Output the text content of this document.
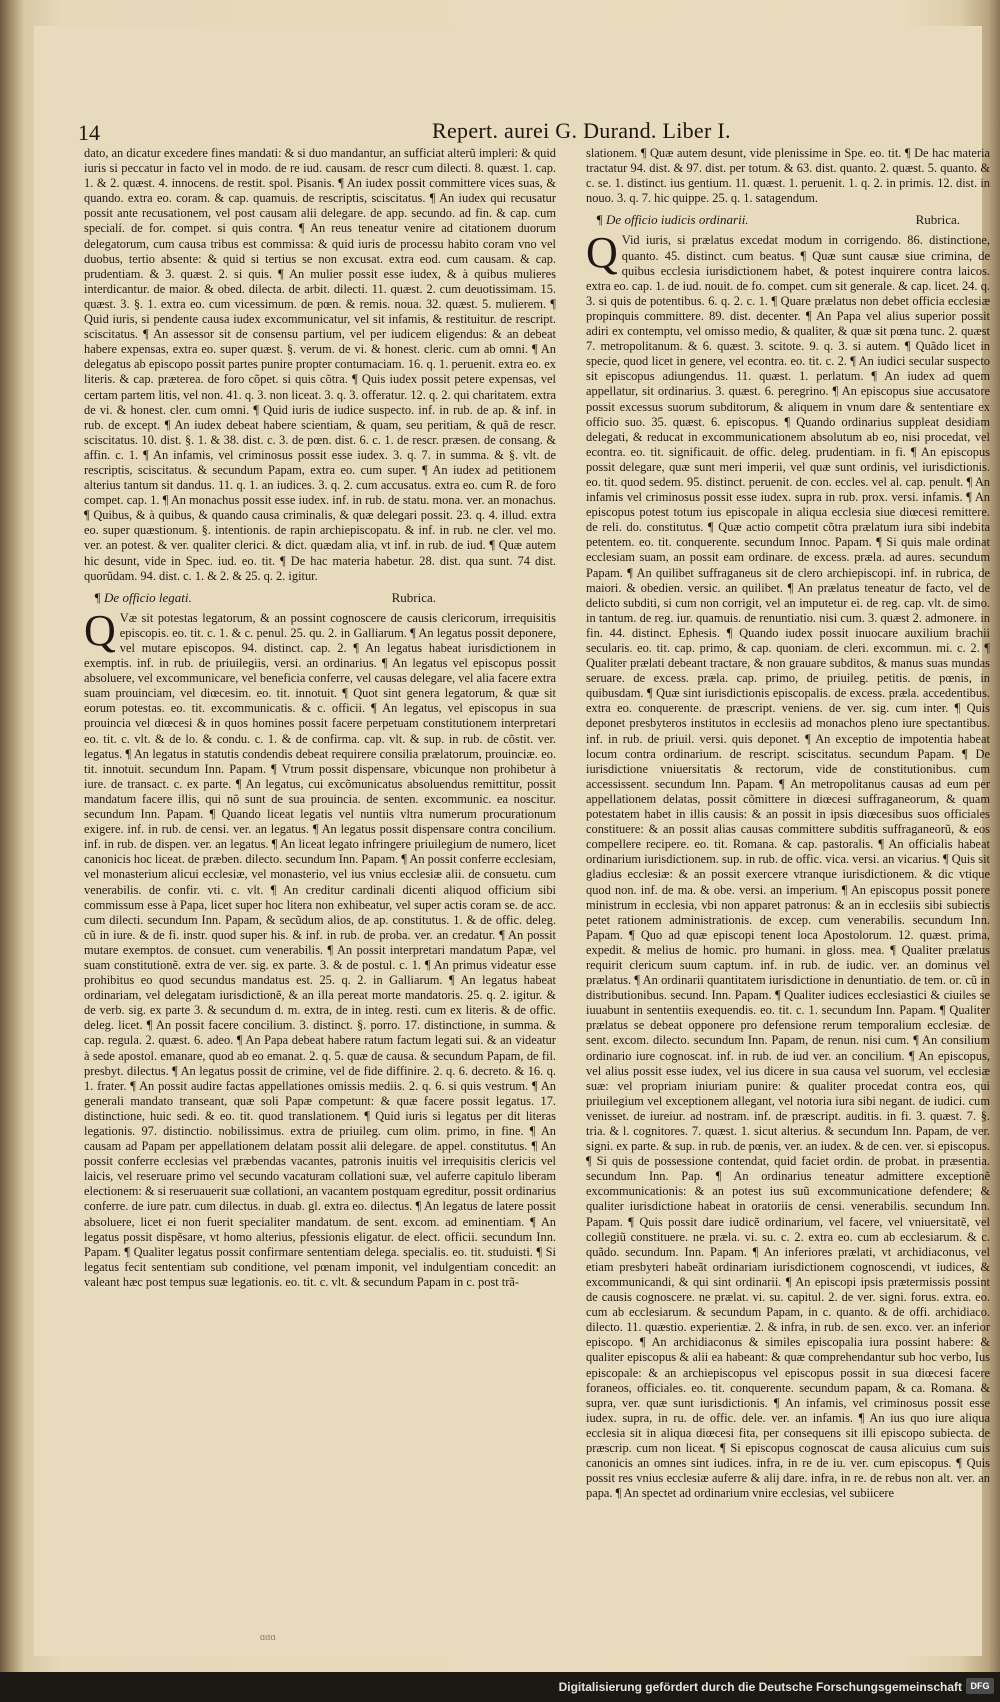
14	Repert. aurei G. Durand. Liber I.

dato, an dicatur excedere fines mandati: & si duo mandantur, an sufficiat alterũ impleri: & quid iuris si peccatur in facto vel in modo. de re iud. causam. de rescr cum dilecti. 8. quæst. 1. cap. 1. & 2. quæst. 4. innocens. de restit. spol. Pisanis. ¶ An iudex possit committere vices suas, & quando. extra eo. coram. & cap. quamuis. de rescriptis, sciscitatus. ¶ An iudex qui recusatur possit ante recusationem, vel post causam alii delegare. de app. secundo. ad fin. & cap. cum specialí. de for. compet. si quis contra. ¶ An reus teneatur venire ad citationem duorum delegatorum, cum causa tribus est commissa: & quid iuris de processu habito coram vno vel duobus, tertio absente: & quid si tertius se non excusat. extra eod. cum causam. & cap. prudentiam. & 3. quæst. 2. si quis. ¶ An mulier possit esse iudex, & à quibus mulieres interdicantur. de maior. & obed. dilecta. de arbit. dilecti. 11. quæst. 2. cum deuotissimam. 15. quæst. 3. §. 1. extra eo. cum vicessimum. de pœn. & remis. noua. 32. quæst. 5. mulierem. ¶ Quid iuris, si pendente causa iudex excommunicatur, vel sit infamis, & restituitur. de rescript. sciscitatus. ¶ An assessor sit de consensu partium, vel per iudicem eligendus: & an debeat habere expensas, extra eo. super quæst. §. verum. de vi. & honest. cleric. cum ab omni. ¶ An delegatus ab episcopo possit partes punire propter contumaciam. 16. q. 1. peruenit. extra eo. ex literis. & cap. præterea. de foro cõpet. si quis cõtra. ¶ Quis iudex possit petere expensas, vel certam partem litis, vel non. 41. q. 3. non liceat. 3. q. 3. offeratur. 12. q. 2. qui charitatem. extra de vi. & honest. cler. cum omni. ¶ Quid iuris de iudice suspecto. inf. in rub. de ap. & inf. in rub. de except. ¶ An iudex debeat habere scientiam, & quam, seu peritiam, & quã de rescr. sciscitatus. 10. dist. §. 1. & 38. dist. c. 3. de pœn. dist. 6. c. 1. de rescr. præsen. de consang. & affin. c. 1. ¶ An infamis, vel criminosus possit esse iudex. 3. q. 7. in summa. & §. vlt. de rescriptis, sciscitatus. & secundum Papam, extra eo. cum super. ¶ An iudex ad petitionem alterius tantum sit dandus. 11. q. 1. an iudices. 3. q. 2. cum accusatus. extra eo. cum R. de foro compet. cap. 1. ¶ An monachus possit esse iudex. inf. in rub. de statu. mona. ver. an monachus. ¶ Quibus, & à quibus, & quando causa criminalis, & quæ delegari possit. 23. q. 4. illud. extra eo. super quæstionum. §. intentionis. de rapin archiepiscopatu. & inf. in rub. ne cler. vel mo. ver. an potest. & ver. qualiter clerici. & dict. quædam alia, vt inf. in rub. de iud. ¶ Quæ autem hic desunt, vide in Spec. iud. eo. tit. ¶ De hac materia habetur. 28. dist. qua sunt. 74 dist. quorũdam. 94. dist. c. 1. & 2. & 25. q. 2. igitur.

¶ De officio legati.	Rubrica.

Q Væ sit potestas legatorum, & an possint cognoscere de causis clericorum, irrequisitis episcopis. eo. tit. c. 1. & c. penul. 25. qu. 2. in Galliarum. ¶ An legatus possit deponere, vel mutare episcopos. 94. distinct. cap. 2. ¶ An legatus habeat iurisdictionem in exemptis. inf. in rub. de priuilegiis, versi. an ordinarius. ¶ An legatus vel episcopus possit absoluere, vel excommunicare, vel beneficia conferre, vel causas delegare, vel alia facere extra suam prouinciam, vel diœcesim. eo. tit. innotuit. ¶ Quot sint genera legatorum, & quæ sit eorum potestas. eo. tit. excommunicatis. & c. officii. ¶ An legatus, vel episcopus in sua prouincia vel diœcesi & in quos homines possit facere perpetuam constitutionem interpretari eo. tit. c. vlt. & de lo. & condu. c. 1. & de confirma. cap. vlt. & sup. in rub. de cõstit. ver. legatus. ¶ An legatus in statutis condendis debeat requirere consilia prælatorum, prouinciæ. eo. tit. innotuit. secundum Inn. Papam. ¶ Vtrum possit dispensare, vbicunque non prohibetur à iure. de transact. c. ex parte. ¶ An legatus, cui excõmunicatus absoluendus remittitur, possit mandatum facere illis, qui nõ sunt de sua prouincia. de senten. excommunic. ea noscitur. secundum Inn. Papam. ¶ Quando liceat legatis vel nuntiis vltra numerum procurationum exigere. inf. in rub. de censi. ver. an legatus. ¶ An legatus possit dispensare contra concilium. inf. in rub. de dispen. ver. an legatus. ¶ An liceat legato infringere priuilegium de numero, licet canonicis hoc liceat. de præben. dilecto. secundum Inn. Papam. ¶ An possit conferre ecclesiam, vel monasterium alicui ecclesiæ, vel monasterio, vel ius vnius ecclesiæ alii. de consuetu. cum venerabilis. de confir. vti. c. vlt. ¶ An creditur cardinali dicenti aliquod officium sibi commissum esse à Papa, licet super hoc litera non exhibeatur, vel super actis coram se. de acc. cum dilecti. secundum Inn. Papam, & secũdum alios, de ap. constitutus. 1. & de offic. deleg. cũ in iure. & de fi. instr. quod super his. & inf. in rub. de proba. ver. an credatur. ¶ An possit mutare exemptos. de consuet. cum venerabilis. ¶ An possit interpretari mandatum Papæ, vel suam constitutionẽ. extra de ver. sig. ex parte. 3. & de postul. c. 1. ¶ An primus videatur esse prohibitus eo quod secundus mandatus est. 25. q. 2. in Galliarum. ¶ An legatus habeat ordinariam, vel delegatam iurisdictionẽ, & an illa pereat morte mandatoris. 25. q. 2. igitur. & de verb. sig. ex parte 3. & secundum d. m. extra, de in integ. resti. cum ex literis. & de offic. deleg. licet. ¶ An possit facere concilium. 3. distinct. §. porro. 17. distinctione, in summa. & cap. regula. 2. quæst. 6. adeo. ¶ An Papa debeat habere ratum factum legati sui. & an videatur à sede apostol. emanare, quod ab eo emanat. 2. q. 5. quæ de causa. & secundum Papam, de fil. presbyt. dilectus. ¶ An legatus possit de crimine, vel de fide diffinire. 2. q. 6. decreto. & 16. q. 1. frater. ¶ An possit audire factas appellationes omissis mediis. 2. q. 6. si quis vestrum. ¶ An generali mandato transeant, quæ soli Papæ competunt: & quæ facere possit legatus. 17. distinctione, huic sedi. & eo. tit. quod translationem. ¶ Quid iuris si legatus per dit literas legationis. 97. distinctio. nobilissimus. extra de priuileg. cum olim. primo, in fine. ¶ An causam ad Papam per appellationem delatam possit alii delegare. de appel. constitutus. ¶ An possit conferre ecclesias vel præbendas vacantes, patronis inuitis vel irrequisitis clericis vel laicis, vel reseruare primo vel secundo vacaturam collationi suæ, vel auferre capitulo liberam electionem: & si reseruauerit suæ collationi, an vacantem postquam egreditur, possit ordinarius conferre. de iure patr. cum dilectus. in duab. gl. extra eo. dilectus. ¶ An legatus de latere possit absoluere, licet ei non fuerit specialiter mandatum. de sent. excom. ad eminentiam. ¶ An legatus possit dispẽsare, vt homo alterius, pfessionis eligatur. de elect. officii. secundum Inn. Papam. ¶ Qualiter legatus possit confirmare sententiam delega. specialis. eo. tit. studuisti. ¶ Si legatus fecit sententiam sub conditione, vel pœnam imponit, vel indulgentiam concedit: an valeant hæc post tempus suæ legationis. eo. tit. c. vlt. & secundum Papam in c. post trã-

slationem. ¶ Quæ autem desunt, vide plenissime in Spe. eo. tit. ¶ De hac materia tractatur 94. dist. & 97. dist. per totum. & 63. dist. quanto. 2. quæst. 5. quanto. & c. se. 1. distinct. ius gentium. 11. quæst. 1. peruenit. 1. q. 2. in primis. 12. dist. in nouo. 3. q. 7. hic quippe. 25. q. 1. satagendum.

¶ De officio iudicis ordinarii.	Rubrica.

Q Vid iuris, si prælatus excedat modum in corrigendo. 86. distinctione, quanto. 45. distinct. cum beatus. ¶ Quæ sunt causæ siue crimina, de quibus ecclesia iurisdictionem habet, & potest inquirere contra laicos. extra eo. cap. 1. de iud. nouit. de fo. compet. cum sit generale. & cap. licet. 24. q. 3. si quis de potentibus. 6. q. 2. c. 1. ¶ Quare prælatus non debet officia ecclesiæ propinquis committere. 89. dist. decenter. ¶ An Papa vel alius superior possit adiri ex contemptu, vel omisso medio, & qualiter, & quæ sit pœna tunc. 2. quæst 7. metropolitanum. & 6. quæst. 3. scitote. 9. q. 3. si autem. ¶ Quãdo licet in specie, quod licet in genere, vel econtra. eo. tit. c. 2. ¶ An iudici secular suspecto sit episcopus adiungendus. 11. quæst. 1. perlatum. ¶ An iudex ad quem appellatur, sit ordinarius. 3. quæst. 6. peregrino. ¶ An episcopus siue accusatore possit excessus suorum subditorum, & aliquem in vnum dare & sententiare ex officio suo. 35. quæst. 6. episcopus. ¶ Quando ordinarius suppleat desidiam delegati, & reducat in excommunicationem absolutum ab eo, nisi procedat, vel econtra. eo. tit. significauit. de offic. deleg. prudentiam. in fi. ¶ An episcopus possit delegare, quæ sunt meri imperii, vel quæ sunt ordinis, vel iurisdictionis. eo. tit. quod sedem. 95. distinct. peruenit. de con. eccles. vel al. cap. penult. ¶ An infamis vel criminosus possit esse iudex. supra in rub. prox. versi. infamis. ¶ An episcopus potest totum ius episcopale in aliqua ecclesia siue diœcesi remittere. de reli. do. constitutus. ¶ Quæ actio competit cõtra prælatum iura sibi indebita petentem. eo. tit. conquerente. secundum Innoc. Papam. ¶ Si quis male ordinat ecclesiam suam, an possit eam ordinare. de excess. præla. ad aures. secundum Papam. ¶ An quilibet suffraganeus sit de clero archiepiscopi. inf. in rubrica, de maiori. & obedien. versic. an quilibet. ¶ An prælatus teneatur de facto, vel de delicto subditi, si cum non corrigit, vel an imputetur ei. de reg. cap. vlt. de simo. in tantum. de reg. iur. quamuis. de renuntiatio. nisi cum. 3. quæst 2. admonere. in fin. 44. distinct. Ephesis. ¶ Quando iudex possit inuocare auxilium brachii secularis. eo. tit. cap. primo, & cap. quoniam. de cleri. excommun. mi. c. 2. ¶ Qualiter prælati debeant tractare, & non grauare subditos, & manus suas mundas seruare. de excess. præla. cap. primo, de priuileg. petitis. de pœnis, in quibusdam. ¶ Quæ sint iurisdictionis episcopalis. de excess. præla. accedentibus. extra eo. conquerente. de præscript. veniens. de ver. sig. cum inter. ¶ Quis deponet presbyteros institutos in ecclesiis ad monachos pleno iure spectantibus. inf. in rub. de priuil. versi. quis deponet. ¶ An exceptio de impotentia habeat locum contra ordinarium. de rescript. sciscitatus. secundum Papam. ¶ De iurisdictione vniuersitatis & rectorum, vide de constitutionibus. cum accessissent. secundum Inn. Papam. ¶ An metropolitanus causas ad eum per appellationem delatas, possit cõmittere in diœcesi suffraganeorum, & quam potestatem habet in illis causis: & an possit in ipsis diœcesibus suos officiales constituere: & an possit alias causas committere subditis suffraganeorũ, & eos compellere recipere. eo. tit. Romana. & cap. pastoralis. ¶ An officialis habeat ordinarium iurisdictionem. sup. in rub. de offic. vica. versi. an vicarius. ¶ Quis sit gladius ecclesiæ: & an possit exercere vtranque iurisdictionem. & dic vtique quod non. inf. de ma. & obe. versi. an imperium. ¶ An episcopus possit ponere ministrum in ecclesia, vbi non apparet patronus: & an in ecclesiis sibi subiectis petet rationem administrationis. de excep. cum venerabilis. secundum Inn. Papam. ¶ Quo ad quæ episcopi tenent loca Apostolorum. 12. quæst. prima, expedit. & melius de homic. pro humani. in gloss. mea. ¶ Qualiter prælatus requirit clericum suum captum. inf. in rub. de iudic. ver. an dominus vel prælatus. ¶ An ordinarii quantitatem iurisdictione in denuntiatio. de tem. or. cũ in distributionibus. secund. Inn. Papam. ¶ Qualiter iudices ecclesiastici & ciuiles se iuuabunt in sententiis exequendis. eo. tit. c. 1. secundum Inn. Papam. ¶ Qualiter prælatus se debeat opponere pro defensione rerum temporalium ecclesiæ. de sent. excom. dilecto. secundum Inn. Papam, de renun. nisi cum. ¶ An consilium ordinario iure cognoscat. inf. in rub. de iud ver. an concilium. ¶ An episcopus, vel alius possit esse iudex, vel ius dicere in sua causa vel suorum, vel ecclesiæ suæ: vel propriam iniuriam punire: & qualiter procedat contra eos, qui priuilegium vel exceptionem allegant, vel notoria iura sibi negant. de iudici. cum venisset. de iureiur. ad nostram. inf. de præscript. auditis. in fi. 3. quæst. 7. §. tria. & l. cognitores. 7. quæst. 1. sicut alterius. & secundum Inn. Papam, de ver. signi. ex parte. & sup. in rub. de pœnis, ver. an iudex. & de cen. ver. si episcopus. ¶ Si quis de possessione contendat, quid faciet ordin. de probat. in præsentia. secundum Inn. Pap. ¶ An ordinarius teneatur admittere exceptionẽ excommunicationis: & an potest ius suũ excommunicatione defendere; & qualiter iurisdictione habeat in oratoriis de censi. venerabilis. secundum Inn. Papam. ¶ Quis possit dare iudicẽ ordinarium, vel facere, vel vniuersitatẽ, vel collegiũ constituere. ne præla. vi. su. c. 2. extra eo. cum ab ecclesiarum. & c. quãdo. secundum. Inn. Papam. ¶ An inferiores prælati, vt archidiaconus, vel etiam presbyteri habeãt ordinariam iurisdictionem cognoscendi, vt iudices, & excommunicandi, & qui sint ordinarii. ¶ An episcopi ipsis prætermissis possint de causis cognoscere. ne prælat. vi. su. capitul. 2. de ver. signi. forus. extra. eo. cum ab ecclesiarum. & secundum Papam, in c. quanto. & de offi. archidiaco. dilecto. 11. quæstio. experientiæ. 2. & infra, in rub. de sen. exco. ver. an inferior episcopo. ¶ An archidiaconus & similes episcopalia iura possint habere: & qualiter episcopus & alii ea habeant: & quæ comprehendantur sub hoc verbo, Ius episcopale: & an archiepiscopus vel episcopus possit in sua diœcesi facere foraneos, officiales. eo. tit. conquerente. secundum papam, & ca. Romana. & supra, ver. quæ sunt iurisdictionis. ¶ An infamis, vel criminosus possit esse iudex. supra, in ru. de offic. dele. ver. an infamis. ¶ An ius quo iure aliqua ecclesia sit in aliqua diœcesi fita, per consequens sit illi episcopo subiecta. de præscrip. cum non liceat. ¶ Si episcopus cognoscat de causa alicuius cum suis canonicis an omnes sint iudices. infra, in re de iu. ver. cum episcopus. ¶ Quis possit res vnius ecclesiæ auferre & alij dare. infra, in re. de rebus non alt. ver. an papa. ¶ An spectet ad ordinarium vnire ecclesias, vel subiicere

ɑɑɑ
Digitalisierung gefördert durch die Deutsche Forschungsgemeinschaft DFG
